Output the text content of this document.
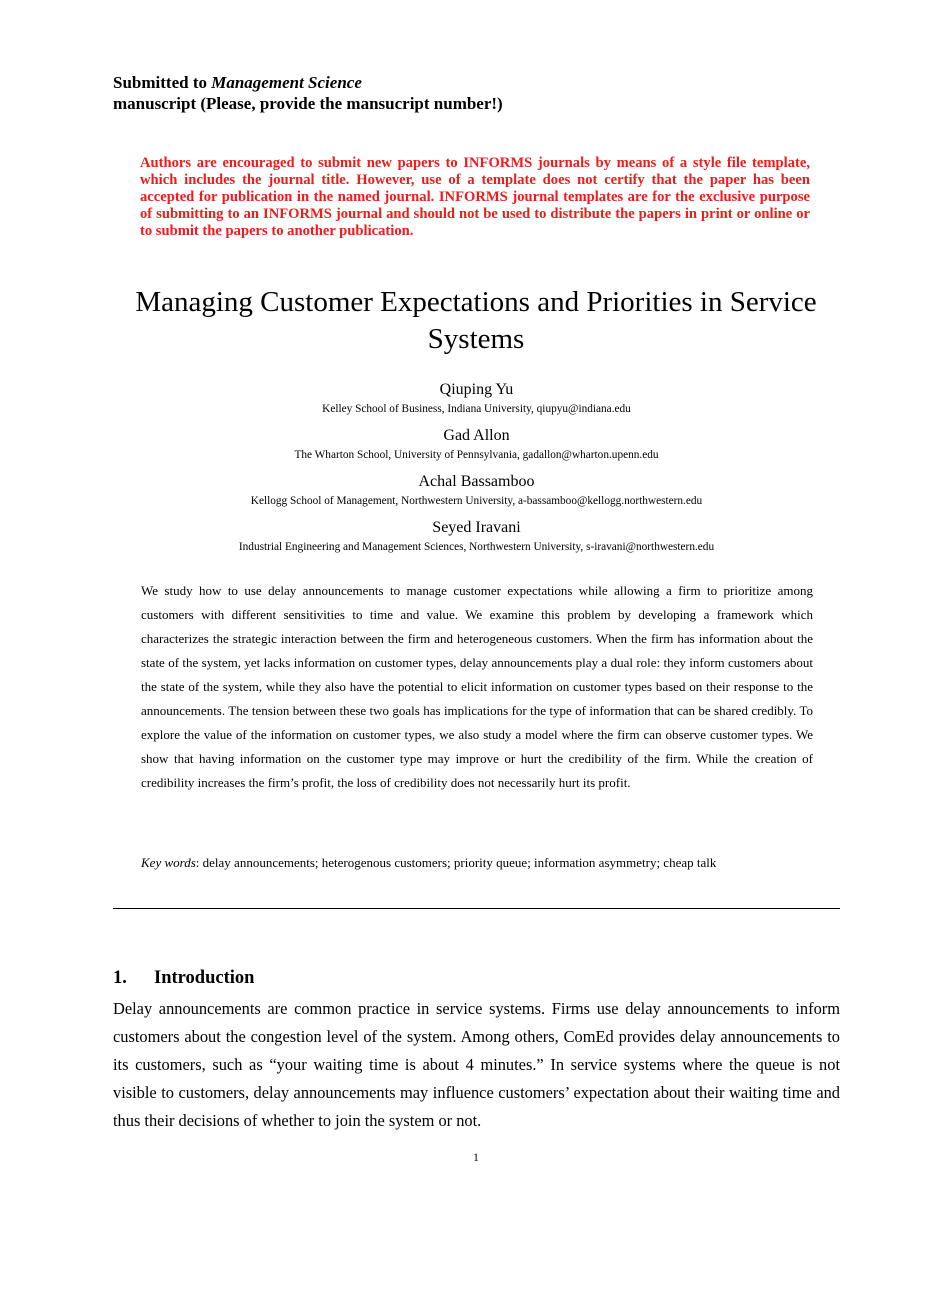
Submitted to Management Science
manuscript (Please, provide the mansucript number!)
Authors are encouraged to submit new papers to INFORMS journals by means of a style file template, which includes the journal title. However, use of a template does not certify that the paper has been accepted for publication in the named journal. INFORMS journal templates are for the exclusive purpose of submitting to an INFORMS journal and should not be used to distribute the papers in print or online or to submit the papers to another publication.
Managing Customer Expectations and Priorities in Service Systems
Qiuping Yu
Kelley School of Business, Indiana University, qiupyu@indiana.edu
Gad Allon
The Wharton School, University of Pennsylvania, gadallon@wharton.upenn.edu
Achal Bassamboo
Kellogg School of Management, Northwestern University, a-bassamboo@kellogg.northwestern.edu
Seyed Iravani
Industrial Engineering and Management Sciences, Northwestern University, s-iravani@northwestern.edu
We study how to use delay announcements to manage customer expectations while allowing a firm to prioritize among customers with different sensitivities to time and value. We examine this problem by developing a framework which characterizes the strategic interaction between the firm and heterogeneous customers. When the firm has information about the state of the system, yet lacks information on customer types, delay announcements play a dual role: they inform customers about the state of the system, while they also have the potential to elicit information on customer types based on their response to the announcements. The tension between these two goals has implications for the type of information that can be shared credibly. To explore the value of the information on customer types, we also study a model where the firm can observe customer types. We show that having information on the customer type may improve or hurt the credibility of the firm. While the creation of credibility increases the firm’s profit, the loss of credibility does not necessarily hurt its profit.
Key words: delay announcements; heterogenous customers; priority queue; information asymmetry; cheap talk
1. Introduction
Delay announcements are common practice in service systems. Firms use delay announcements to inform customers about the congestion level of the system. Among others, ComEd provides delay announcements to its customers, such as “your waiting time is about 4 minutes.” In service systems where the queue is not visible to customers, delay announcements may influence customers’ expectation about their waiting time and thus their decisions of whether to join the system or not.
1
